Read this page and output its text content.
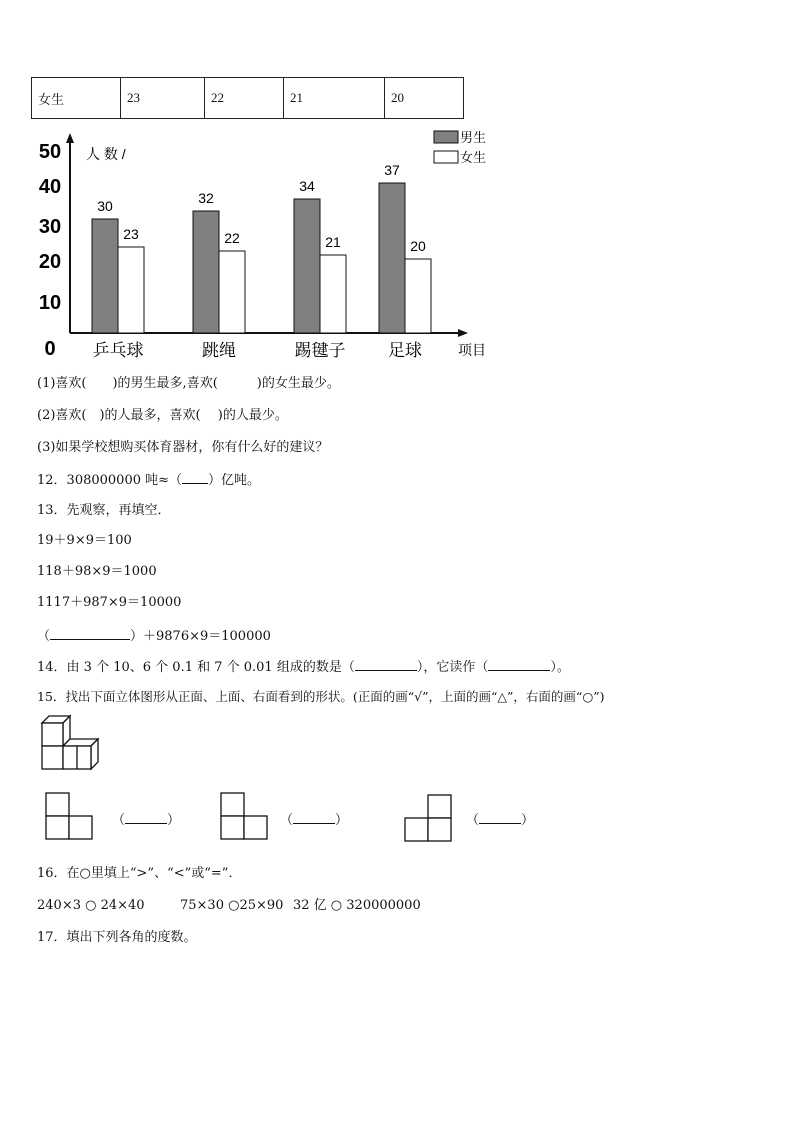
女生	23	22	21	20
0
10
20
30
40
50 人 数 /
30	32
34
37
23	22	21	20
乒乓球	跳绳	踢毽子	足球	项目
男生
女生
(1)喜欢(　　)的男生最多,喜欢(　　　)的女生最少。
(2)喜欢(　)的人最多，喜欢(　 )的人最少。
(3)如果学校想购买体育器材，你有什么好的建议？
12．308000000 吨≈（ ）亿吨。
13．先观察，再填空．
19＋9×9＝100
118＋98×9＝1000
1117＋987×9＝10000
（	）＋9876×9＝100000
14．由 3 个 10、6 个 0.1 和 7 个 0.01 组成的数是（	），它读作（	）。
15．找出下面立体图形从正面、上面、右面看到的形状。(正面的画“√”，上面的画“△”，右面的画“○”)
（	）	（	）	（	）
16．在○里填上“>”、“<”或“=”．
240×3 ○ 24×40	75×30 ○25×90 32 亿 ○ 320000000
17．填出下列各角的度数。
